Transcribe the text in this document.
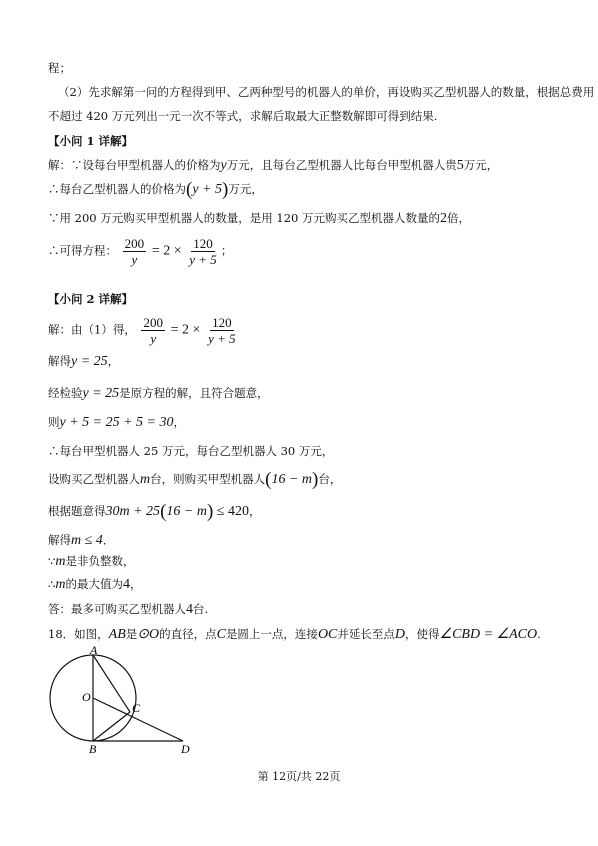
程；
（2）先求解第一问的方程得到甲、乙两种型号的机器人的单价，再设购买乙型机器人的数量，根据总费用
不超过 420 万元列出一元一次不等式，求解后取最大正整数解即可得到结果.
【小问 1 详解】
解：∵设每台甲型机器人的价格为y万元，且每台乙型机器人比每台甲型机器人贵5万元，
∴每台乙型机器人的价格为(y + 5)万元，
∵用 200 万元购买甲型机器人的数量，是用 120 万元购买乙型机器人数量的2倍，
∴可得方程： $\frac{200}{y} = 2 \times \frac{120}{y + 5}$ ；
【小问 2 详解】
解：由（1）得， $\frac{200}{y} = 2 \times \frac{120}{y + 5}$
解得y = 25，
经检验y = 25是原方程的解，且符合题意，
则y + 5 = 25 + 5 = 30，
∴每台甲型机器人 25 万元，每台乙型机器人 30 万元，
设购买乙型机器人m台，则购买甲型机器人(16 − m)台，
根据题意得30m + 25(16 − m) ≤ 420，
解得m ≤ 4．
∵m是非负整数，
∴m的最大值为4，
答：最多可购买乙型机器人4台.
18．如图，AB是⊙O的直径，点C是圆上一点，连接OC并延长至点D，使得∠CBD = ∠ACO.
A
O
C
B	D
第 12页/共 22页
